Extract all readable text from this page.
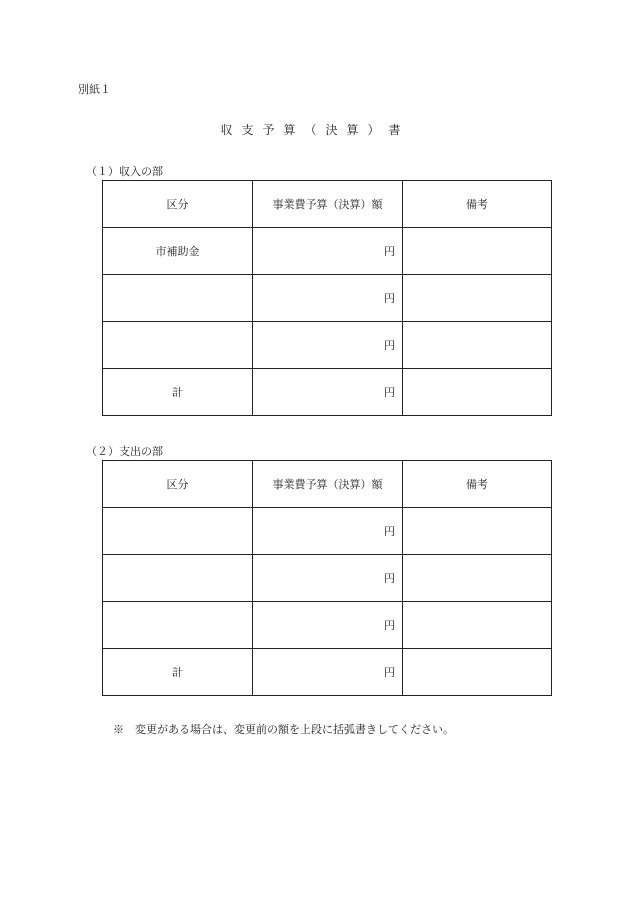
別紙１
収支予算（決算）書
（１）収入の部
区分	事業費予算（決算）額	備考
市補助金	円	
	円	
	円	
計	円	
（２）支出の部
区分	事業費予算（決算）額	備考
	円	
	円	
	円	
計	円	
※　変更がある場合は、変更前の額を上段に括弧書きしてください。
